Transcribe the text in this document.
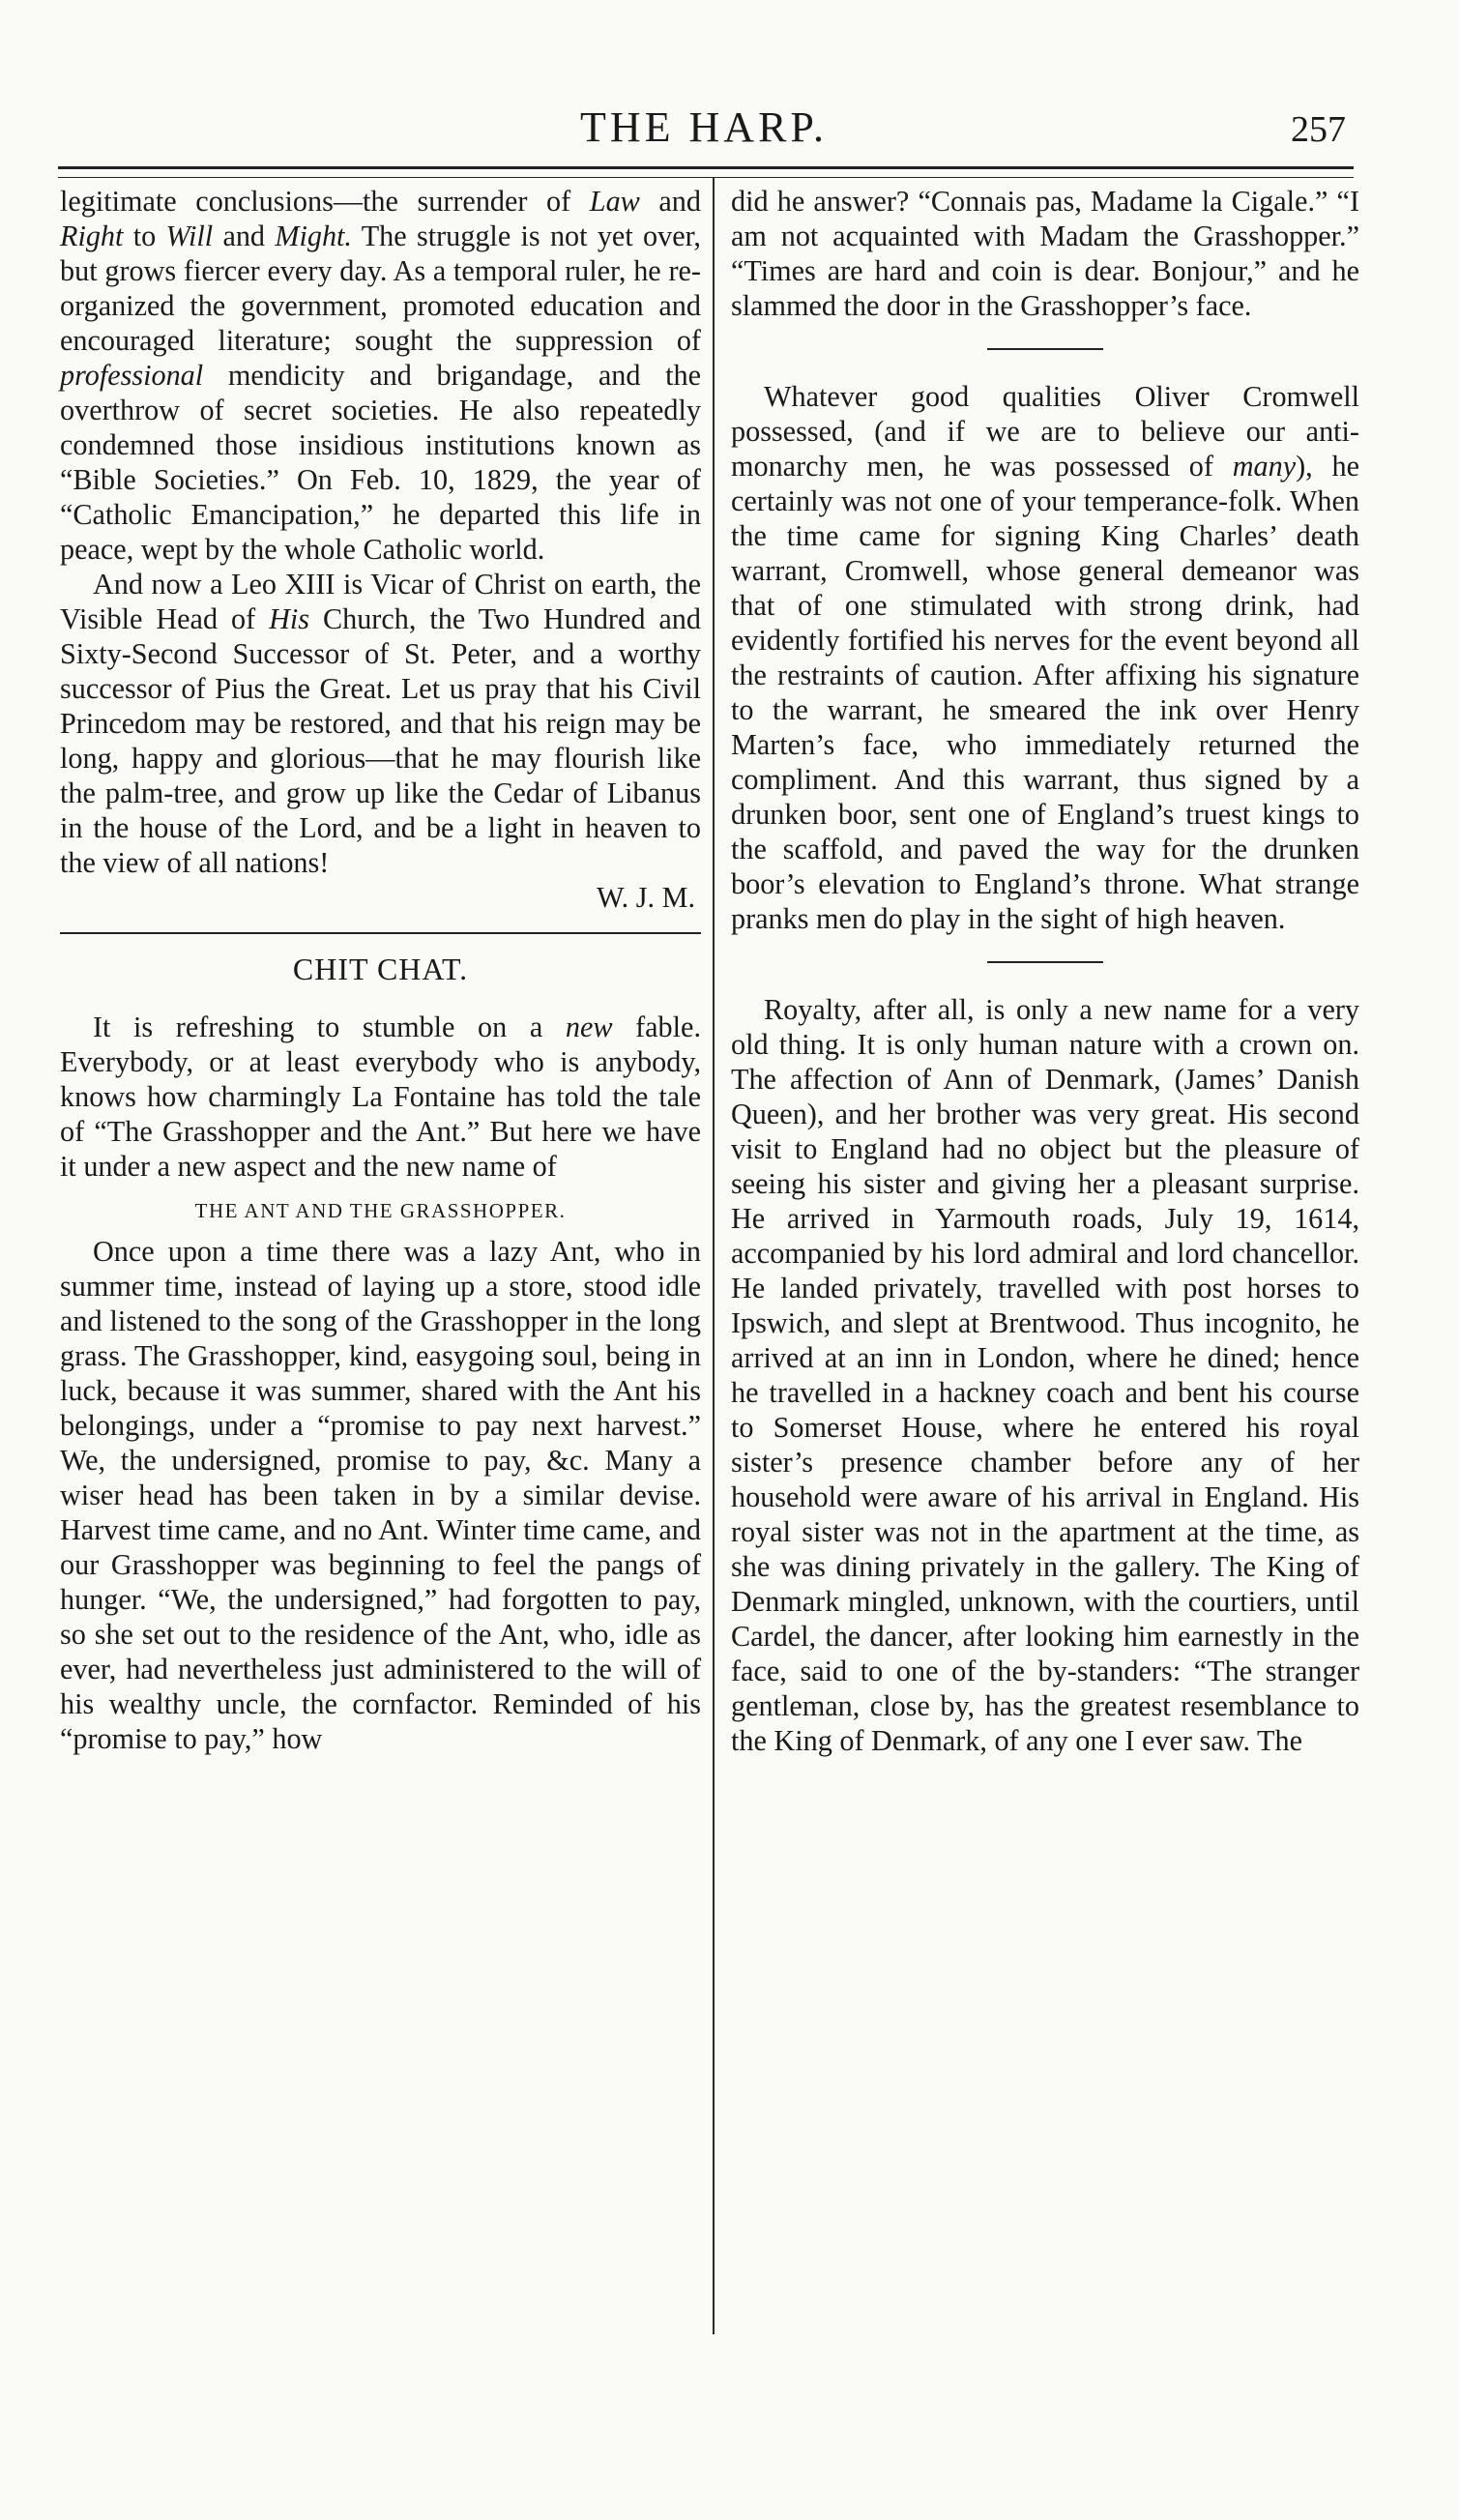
THE HARP.	257

legitimate conclusions—the surrender of Law and Right to Will and Might. The struggle is not yet over, but grows fiercer every day. As a temporal ruler, he re-organized the government, promoted education and encouraged literature; sought the suppression of professional mendicity and brigandage, and the overthrow of secret societies. He also repeatedly condemned those insidious institutions known as “Bible Societies.” On Feb. 10, 1829, the year of “Catholic Emancipation,” he departed this life in peace, wept by the whole Catholic world.

And now a Leo XIII is Vicar of Christ on earth, the Visible Head of His Church, the Two Hundred and Sixty-Second Successor of St. Peter, and a worthy successor of Pius the Great. Let us pray that his Civil Princedom may be restored, and that his reign may be long, happy and glorious—that he may flourish like the palm-tree, and grow up like the Cedar of Libanus in the house of the Lord, and be a light in heaven to the view of all nations!

W. J. M.

CHIT CHAT.

It is refreshing to stumble on a new fable. Everybody, or at least everybody who is anybody, knows how charmingly La Fontaine has told the tale of “The Grasshopper and the Ant.” But here we have it under a new aspect and the new name of

THE ANT AND THE GRASSHOPPER.

Once upon a time there was a lazy Ant, who in summer time, instead of laying up a store, stood idle and listened to the song of the Grasshopper in the long grass. The Grasshopper, kind, easygoing soul, being in luck, because it was summer, shared with the Ant his belongings, under a “promise to pay next harvest.” We, the undersigned, promise to pay, &c. Many a wiser head has been taken in by a similar devise. Harvest time came, and no Ant. Winter time came, and our Grasshopper was beginning to feel the pangs of hunger. “We, the undersigned,” had forgotten to pay, so she set out to the residence of the Ant, who, idle as ever, had nevertheless just administered to the will of his wealthy uncle, the cornfactor. Reminded of his “promise to pay,” how

did he answer? “Connais pas, Madame la Cigale.” “I am not acquainted with Madam the Grasshopper.” “Times are hard and coin is dear. Bonjour,” and he slammed the door in the Grasshopper’s face.

Whatever good qualities Oliver Cromwell possessed, (and if we are to believe our anti-monarchy men, he was possessed of many), he certainly was not one of your temperance-folk. When the time came for signing King Charles’ death warrant, Cromwell, whose general demeanor was that of one stimulated with strong drink, had evidently fortified his nerves for the event beyond all the restraints of caution. After affixing his signature to the warrant, he smeared the ink over Henry Marten’s face, who immediately returned the compliment. And this warrant, thus signed by a drunken boor, sent one of England’s truest kings to the scaffold, and paved the way for the drunken boor’s elevation to England’s throne. What strange pranks men do play in the sight of high heaven.

Royalty, after all, is only a new name for a very old thing. It is only human nature with a crown on. The affection of Ann of Denmark, (James’ Danish Queen), and her brother was very great. His second visit to England had no object but the pleasure of seeing his sister and giving her a pleasant surprise. He arrived in Yarmouth roads, July 19, 1614, accompanied by his lord admiral and lord chancellor. He landed privately, travelled with post horses to Ipswich, and slept at Brentwood. Thus incognito, he arrived at an inn in London, where he dined; hence he travelled in a hackney coach and bent his course to Somerset House, where he entered his royal sister’s presence chamber before any of her household were aware of his arrival in England. His royal sister was not in the apartment at the time, as she was dining privately in the gallery. The King of Denmark mingled, unknown, with the courtiers, until Cardel, the dancer, after looking him earnestly in the face, said to one of the by-standers: “The stranger gentleman, close by, has the greatest resemblance to the King of Denmark, of any one I ever saw. The
